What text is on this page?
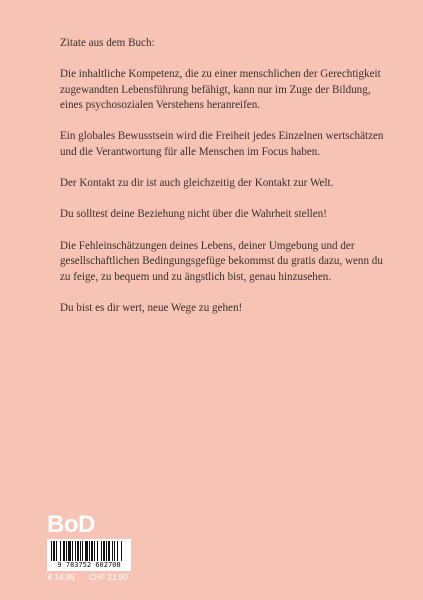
Zitate aus dem Buch:

Die inhaltliche Kompetenz, die zu einer menschlichen der Gerechtigkeit zugewandten Lebensführung befähigt, kann nur im Zuge der Bildung, eines psychosozialen Verstehens heranreifen.

Ein globales Bewusstsein wird die Freiheit jedes Einzelnen wertschätzen und die Verantwortung für alle Menschen im Focus haben.

Der Kontakt zu dir ist auch gleichzeitig der Kontakt zur Welt.

Du solltest deine Beziehung nicht über die Wahrheit stellen!

Die Fehleinschätzungen deines Lebens, deiner Umgebung und der gesellschaftlichen Bedingungsgefüge bekommst du gratis dazu, wenn du zu feige, zu bequem und zu ängstlich bist, genau hinzusehen.

Du bist es dir wert, neue Wege zu gehen!

BoD
9 783752 602708
€ 14.95 CHF 21.90
